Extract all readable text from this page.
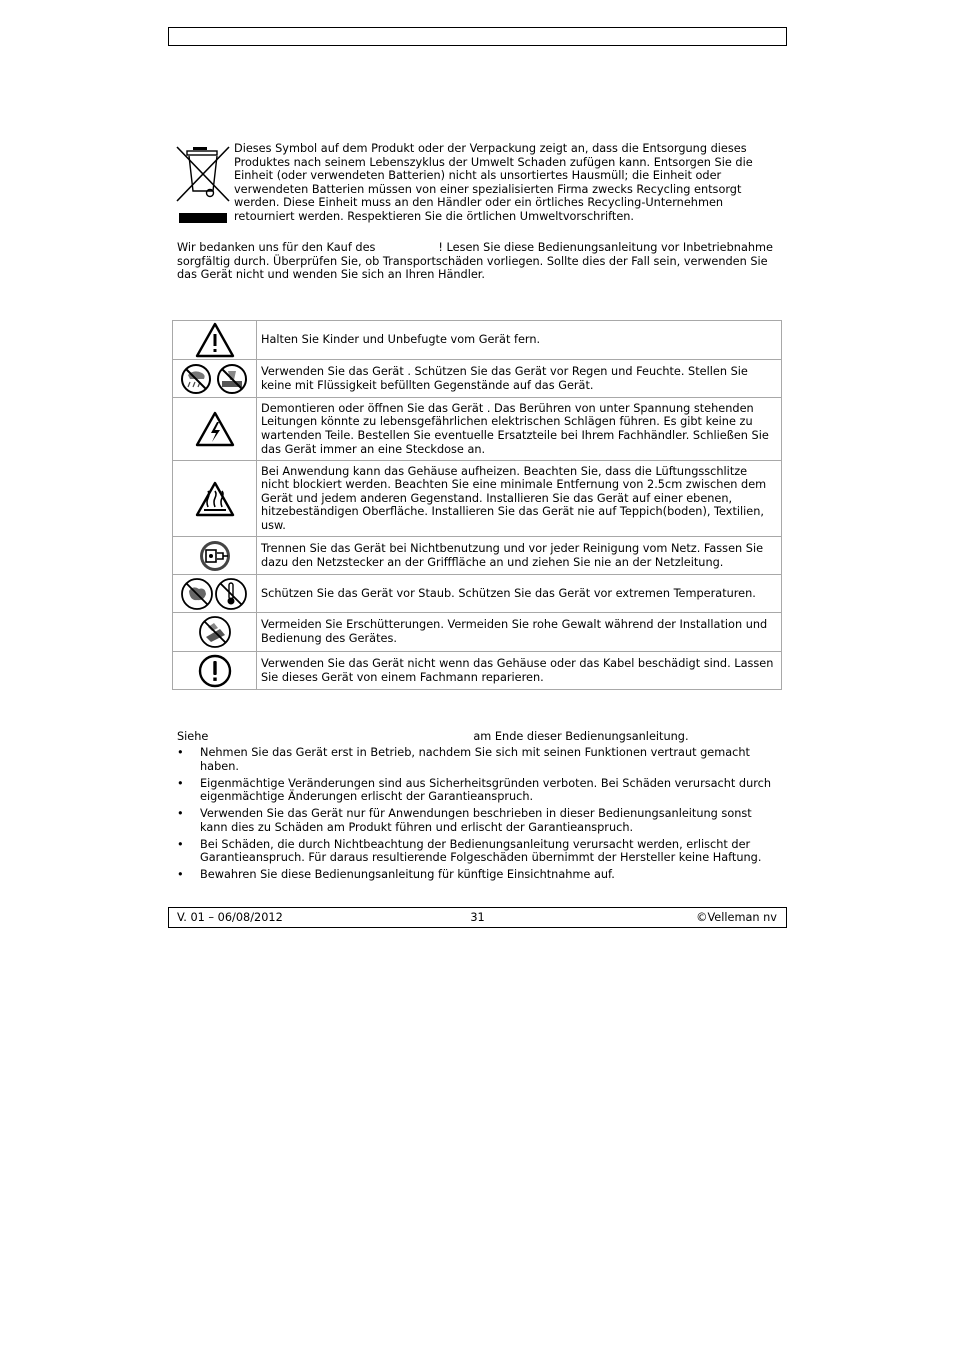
Dieses Symbol auf dem Produkt oder der Verpackung zeigt an, dass die Entsorgung dieses
Produktes nach seinem Lebenszyklus der Umwelt Schaden zufügen kann. Entsorgen Sie die
Einheit (oder verwendeten Batterien) nicht als unsortiertes Hausmüll; die Einheit oder
verwendeten Batterien müssen von einer spezialisierten Firma zwecks Recycling entsorgt
werden. Diese Einheit muss an den Händler oder ein örtliches Recycling-Unternehmen
retourniert werden. Respektieren Sie die örtlichen Umweltvorschriften.
Wir bedanken uns für den Kauf des	! Lesen Sie diese Bedienungsanleitung vor Inbetriebnahme
sorgfältig durch. Überprüfen Sie, ob Transportschäden vorliegen. Sollte dies der Fall sein, verwenden Sie
das Gerät nicht und wenden Sie sich an Ihren Händler.
	Halten Sie Kinder und Unbefugte vom Gerät fern.
	Verwenden Sie das Gerät . Schützen Sie das Gerät vor Regen und Feuchte. Stellen Sie keine mit Flüssigkeit befüllten Gegenstände auf das Gerät.
	Demontieren oder öffnen Sie das Gerät . Das Berühren von unter Spannung stehenden Leitungen könnte zu lebensgefährlichen elektrischen Schlägen führen. Es gibt keine zu wartenden Teile. Bestellen Sie eventuelle Ersatzteile bei Ihrem Fachhändler. Schließen Sie das Gerät immer an eine Steckdose an.
	Bei Anwendung kann das Gehäuse aufheizen. Beachten Sie, dass die Lüftungsschlitze nicht blockiert werden. Beachten Sie eine minimale Entfernung von 2.5cm zwischen dem Gerät und jedem anderen Gegenstand. Installieren Sie das Gerät auf einer ebenen, hitzebeständigen Oberfläche. Installieren Sie das Gerät nie auf Teppich(boden), Textilien, usw.
	Trennen Sie das Gerät bei Nichtbenutzung und vor jeder Reinigung vom Netz. Fassen Sie dazu den Netzstecker an der Grifffläche an und ziehen Sie nie an der Netzleitung.
	Schützen Sie das Gerät vor Staub. Schützen Sie das Gerät vor extremen Temperaturen.
	Vermeiden Sie Erschütterungen. Vermeiden Sie rohe Gewalt während der Installation und Bedienung des Gerätes.
	Verwenden Sie das Gerät nicht wenn das Gehäuse oder das Kabel beschädigt sind. Lassen Sie dieses Gerät von einem Fachmann reparieren.
Siehe	am Ende dieser Bedienungsanleitung.
• Nehmen Sie das Gerät erst in Betrieb, nachdem Sie sich mit seinen Funktionen vertraut gemacht haben.
• Eigenmächtige Veränderungen sind aus Sicherheitsgründen verboten. Bei Schäden verursacht durch eigenmächtige Änderungen erlischt der Garantieanspruch.
• Verwenden Sie das Gerät nur für Anwendungen beschrieben in dieser Bedienungsanleitung sonst kann dies zu Schäden am Produkt führen und erlischt der Garantieanspruch.
• Bei Schäden, die durch Nichtbeachtung der Bedienungsanleitung verursacht werden, erlischt der Garantieanspruch. Für daraus resultierende Folgeschäden übernimmt der Hersteller keine Haftung.
• Bewahren Sie diese Bedienungsanleitung für künftige Einsichtnahme auf.
V. 01 – 06/08/2012	31	©Velleman nv
